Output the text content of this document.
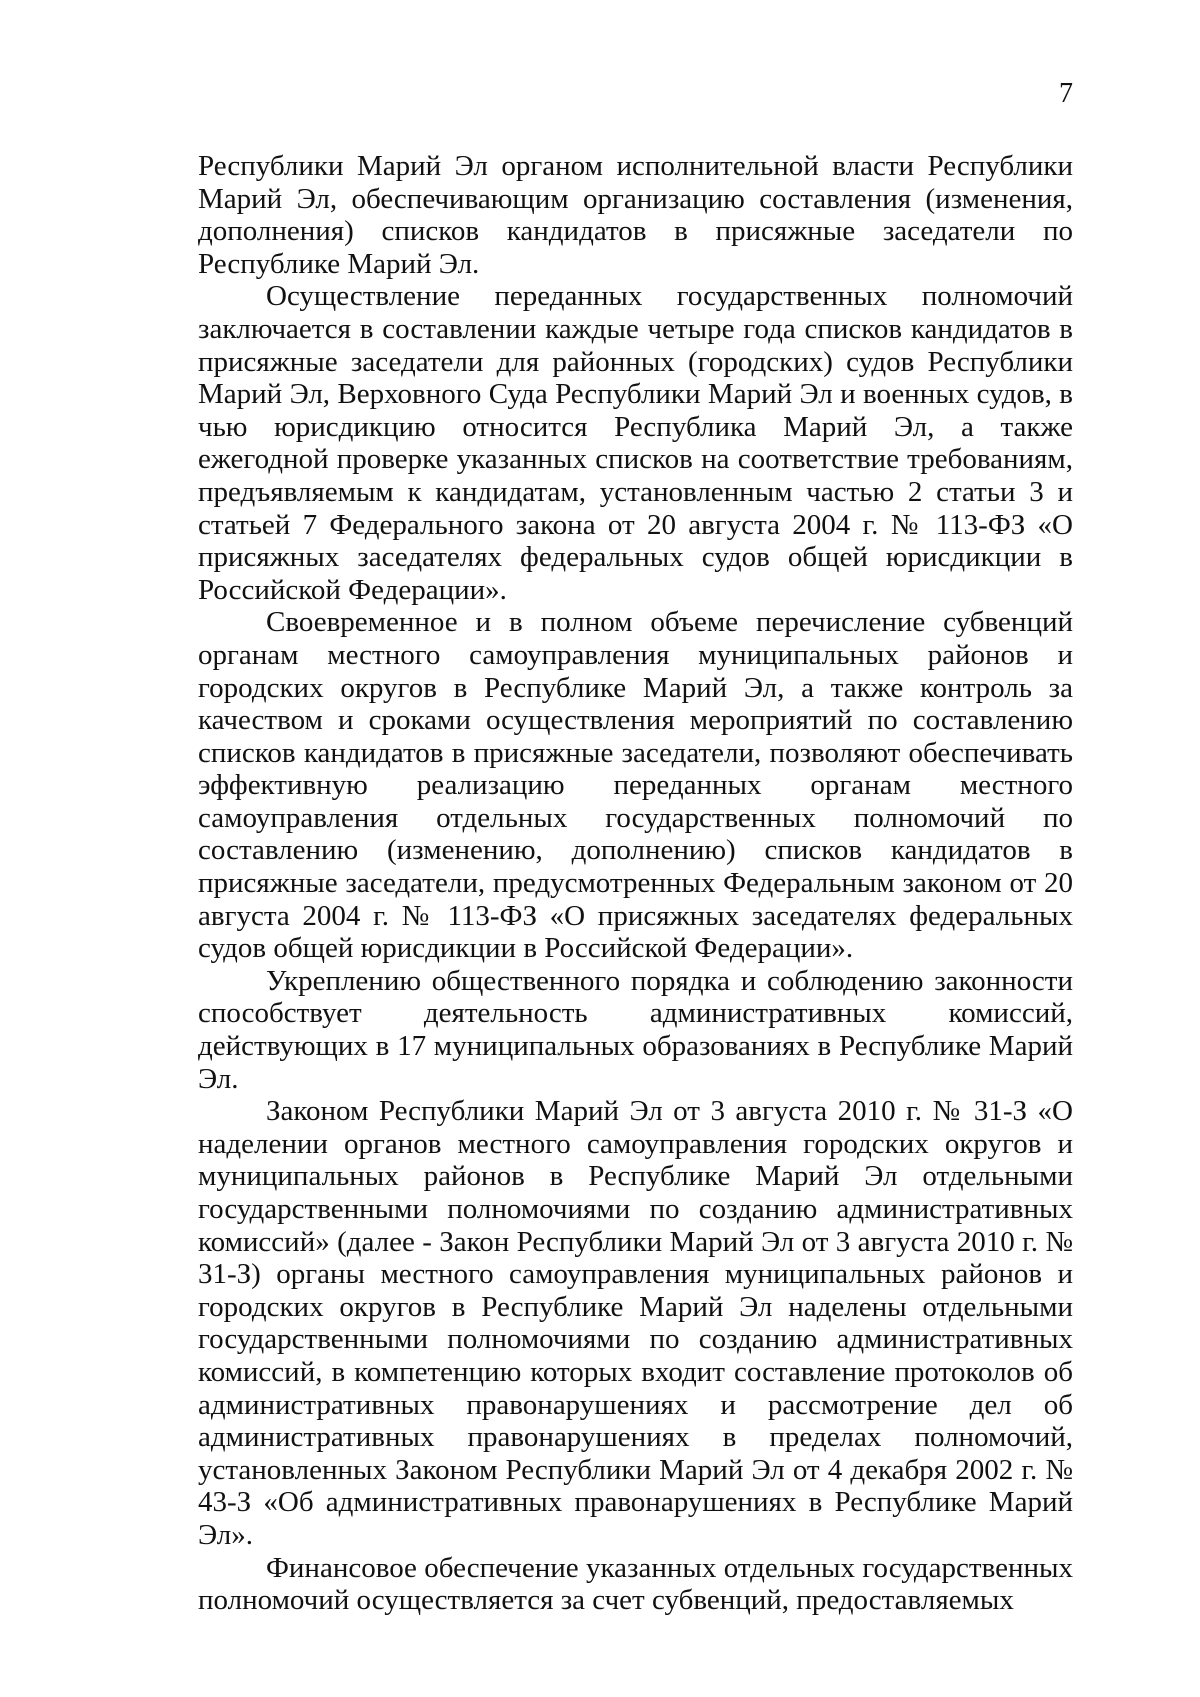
7

Республики Марий Эл органом исполнительной власти Республики Марий Эл, обеспечивающим организацию составления (изменения, дополнения) списков кандидатов в присяжные заседатели по Республике Марий Эл.

Осуществление переданных государственных полномочий заключается в составлении каждые четыре года списков кандидатов в присяжные заседатели для районных (городских) судов Республики Марий Эл, Верховного Суда Республики Марий Эл и военных судов, в чью юрисдикцию относится Республика Марий Эл, а также ежегодной проверке указанных списков на соответствие требованиям, предъявляемым к кандидатам, установленным частью 2 статьи 3 и статьей 7 Федерального закона от 20 августа 2004 г. № 113-ФЗ «О присяжных заседателях федеральных судов общей юрисдикции в Российской Федерации».

Своевременное и в полном объеме перечисление субвенций органам местного самоуправления муниципальных районов и городских округов в Республике Марий Эл, а также контроль за качеством и сроками осуществления мероприятий по составлению списков кандидатов в присяжные заседатели, позволяют обеспечивать эффективную реализацию переданных органам местного самоуправления отдельных государственных полномочий по составлению (изменению, дополнению) списков кандидатов в присяжные заседатели, предусмотренных Федеральным законом от 20 августа 2004 г. № 113-ФЗ «О присяжных заседателях федеральных судов общей юрисдикции в Российской Федерации».

Укреплению общественного порядка и соблюдению законности способствует деятельность административных комиссий, действующих в 17 муниципальных образованиях в Республике Марий Эл.

Законом Республики Марий Эл от 3 августа 2010 г. № 31-З «О наделении органов местного самоуправления городских округов и муниципальных районов в Республике Марий Эл отдельными государственными полномочиями по созданию административных комиссий» (далее - Закон Республики Марий Эл от 3 августа 2010 г. № 31-З) органы местного самоуправления муниципальных районов и городских округов в Республике Марий Эл наделены отдельными государственными полномочиями по созданию административных комиссий, в компетенцию которых входит составление протоколов об административных правонарушениях и рассмотрение дел об административных правонарушениях в пределах полномочий, установленных Законом Республики Марий Эл от 4 декабря 2002 г. № 43-З «Об административных правонарушениях в Республике Марий Эл».

Финансовое обеспечение указанных отдельных государственных полномочий осуществляется за счет субвенций, предоставляемых
